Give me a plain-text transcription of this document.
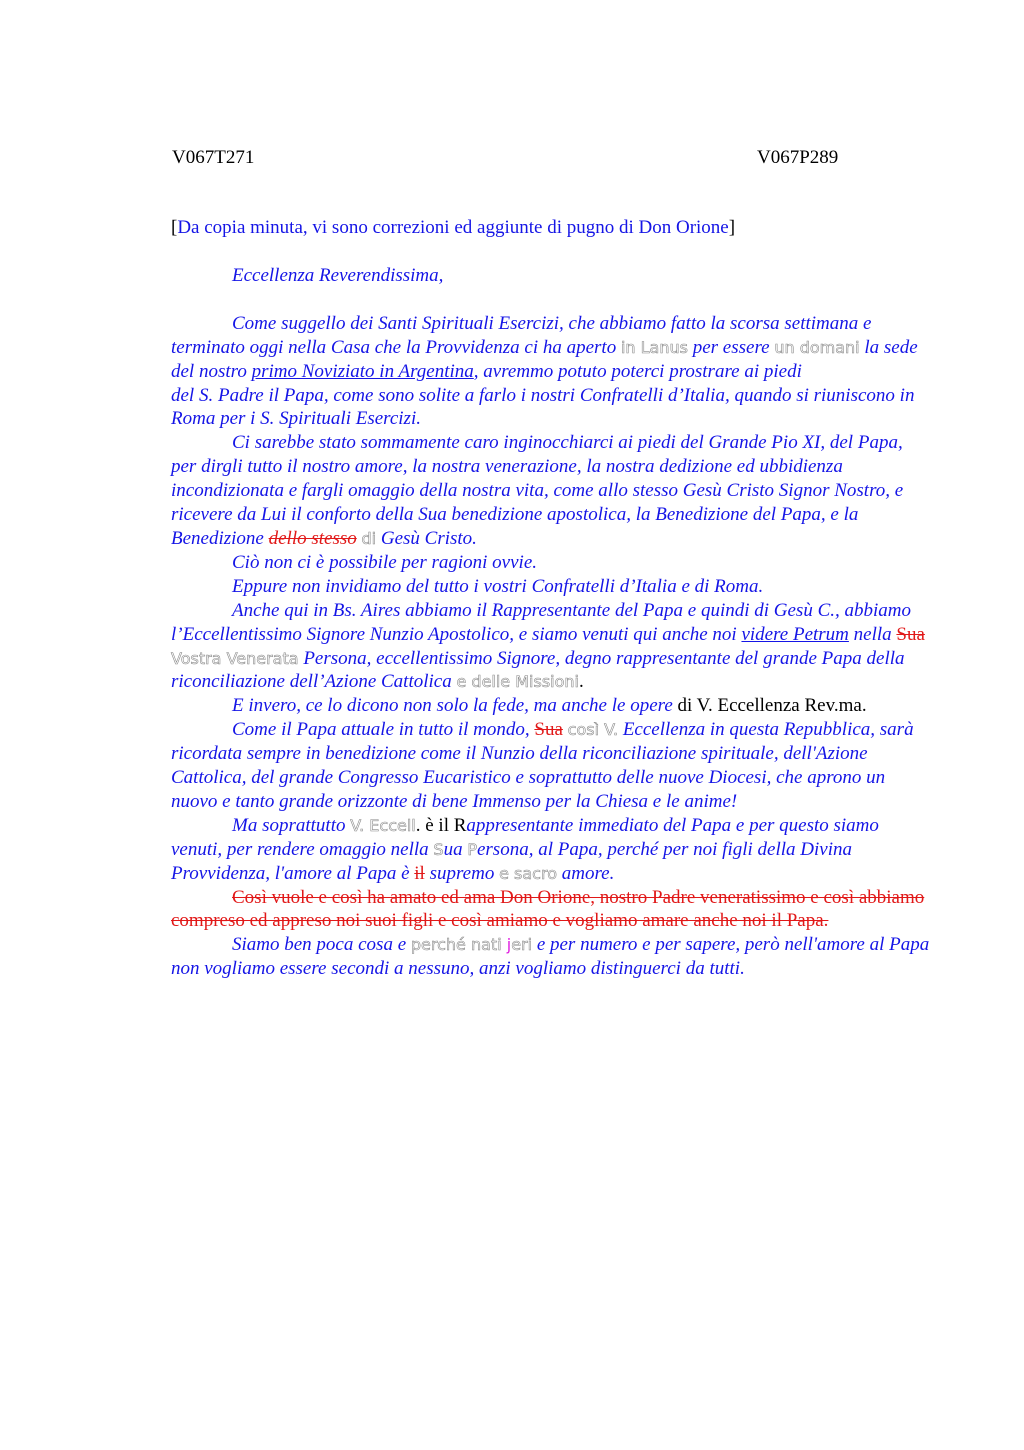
V067T271	V067P289

[Da copia minuta, vi sono correzioni ed aggiunte di pugno di Don Orione]

Eccellenza Reverendissima,

Come suggello dei Santi Spirituali Esercizi, che abbiamo fatto la scorsa settimana e terminato oggi nella Casa che la Provvidenza ci ha aperto in Lanus per essere un domani la sede del nostro primo Noviziato in Argentina, avremmo potuto poterci prostrare ai piedi

del S. Padre il Papa, come sono solite a farlo i nostri Confratelli d’Italia, quando si riuniscono in Roma per i S. Spirituali Esercizi.

Ci sarebbe stato sommamente caro inginocchiarci ai piedi del Grande Pio XI, del Papa, per dirgli tutto il nostro amore, la nostra venerazione, la nostra dedizione ed ubbidienza incondizionata e fargli omaggio della nostra vita, come allo stesso Gesù Cristo Signor Nostro, e ricevere da Lui il conforto della Sua benedizione apostolica, la Benedizione del Papa, e la Benedizione dello stesso di Gesù Cristo.

Ciò non ci è possibile per ragioni ovvie.

Eppure non invidiamo del tutto i vostri Confratelli d’Italia e di Roma.

Anche qui in Bs. Aires abbiamo il Rappresentante del Papa e quindi di Gesù C., abbiamo l’Eccellentissimo Signore Nunzio Apostolico, e siamo venuti qui anche noi videre Petrum nella Sua Vostra Venerata Persona, eccellentissimo Signore, degno rappresentante del grande Papa della riconciliazione dell’Azione Cattolica e delle Missioni.

E invero, ce lo dicono non solo la fede, ma anche le opere di V. Eccellenza Rev.ma.

Come il Papa attuale in tutto il mondo, Sua così V. Eccellenza in questa Repubblica, sarà ricordata sempre in benedizione come il Nunzio della riconciliazione spirituale, dell'Azione Cattolica, del grande Congresso Eucaristico e soprattutto delle nuove Diocesi, che aprono un nuovo e tanto grande orizzonte di bene Immenso per la Chiesa e le anime!

Ma soprattutto V. Eccell. è il Rappresentante immediato del Papa e per questo siamo venuti, per rendere omaggio nella Sua Persona, al Papa, perché per noi figli della Divina Provvidenza, l'amore al Papa è il supremo e sacro amore.

Così vuole e così ha amato ed ama Don Orione, nostro Padre veneratissimo e così abbiamo compreso ed appreso noi suoi figli e così amiamo e vogliamo amare anche noi il Papa.

Siamo ben poca cosa e perché nati jeri e per numero e per sapere, però nell'amore al Papa non vogliamo essere secondi a nessuno, anzi vogliamo distinguerci da tutti.
